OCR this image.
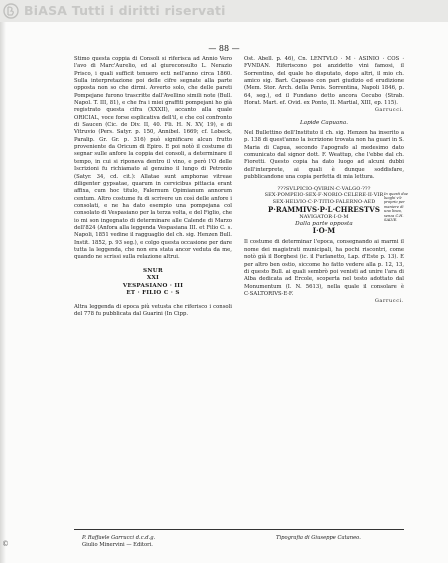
BiASA Tutti i diritti riservati
— 88 —

Stimo questa coppia di Consoli si riferisca ad Annio Vero l'avo di Marc'Aurelio, ed al giureconsulto L. Nerazio Prisco, i quali sufficit tenuero ecti nell'anno circa 1860. Sulla interpretazione poi delle cifre segnate alla parte opposta non so che dirmi. Avverto solo, che delle pareti Pompejane furono trascritte dall'Avellino simili note (Bull. Napol. T. III, 81), e che fra i miei graffiti pompejani ho già registrato questa cifra (XXXII), accanto alla quale ORICIAL, voce forse esplicativa dell'il, e che col confronto di Saucen (Cic. de Div. II, 40. Fli. H. N. XV, 19), e di Vitruvio (Pers. Satyr. p. 150, Annibel. 1669; cf. Lobeck, Paralip. Gr. Gr. p. 316) può significare alcun frutto proveniente da Oricum di Epiro. E poi notò il costume di segnar sulle anfore la coppia dei consoli, a determinare il tempo, in cui si riponeva dentro il vino, e però l'O delle Iscrizioni fu richiamato al genuino il lungo di Petronio (Satyr. 34, cd. cit.): Allatae sunt amphorae vitreae diligenter gypsatae, quarum in cervicibus pittacia erant affixa, cum hoc titulo, Falernum Opimianum annorum centum. Altro costume fu di scrivere un così delle anfore i consolati, e ne ha dato esempio una pompejana col consolato di Vespasiano per la terza volta, e del Figlio, che io mi son ingegnato di determinare alle Calende di Marzo dell'824 (Anfora alla leggenda Vespasiana III. et Filio C. s. Napoli, 1851 vedine il ragguaglio del ch. sig. Henzen Bull. Instit. 1852, p. 93 seg.), e colgo questa occasione per dare tutta la leggenda, che non era stata ancor veduta da me, quando ne scrissi sulla relazione altrui.

SNUR
XXI
VESPASIANO · III
ET · FILIO C · S

Altra leggenda di epoca più vetusta che riferisco i consoli del 778 fu pubblicata dal Guarini (In Cipp.

Ost. Abell. p. 46), Cn. LENTVLO · M · ASINIO · COS · FVNDAN. Riferiscono poi anzidetto vini famosi, il Sorrentino, del quale ho disputato, dopo altri, il mio ch. amico sig. Bart. Capasso con pari giudizio ed erudizione (Mem. Stor. Arch. della Penis. Sorrentina, Napoli 1846, p. 64, seg.), ed il Fundano detto ancora Cecubo (Strab. Horat. Mart. ef. Ovid. ex Ponto, II. Martial, XIII, ep. 115).

Garrucci.
Lapide Capuana.

Nel Bullettino dell'Instituto il ch. sig. Henzen ha inserito a p. 138 di quest'anno la iscrizione trovata non ha guari in S. Maria di Capua, secondo l'apografo al medesimo dato comunicato dal signor dott. F. Weattup, che l'ebbe dal ch. Fioretti. Questo copia ha dato luogo ad alcuni dubbi dell'interprete, ai quali è dunque soddisfare, pubblicandone una copia perfetta di mia lettura.

???SVLPICIO·QVIRIN·C·VALGO·???
SEX·POMPEIO·SEX·F·NORIO·CELERE·II·VIR
SEX·HELVIO·C·P·TITIO·FALERNO·AED
P·RAMMIVS·P·L·CHRESTVS
NAVIGATOR·I·O·M
Dalla parte opposta
I·O·M
In questi due luoghi v'è proprio per maniere di una linea, senza C.H. SALVE.

Il costume di determinar l'epoca, consegnando ai marmi il nome dei magistrati municipali, ha pochi riscontri, come notò già il Borghesi (ic. il Furlanetto, Lap. d'Este p. 13). E per altro ben ostio, siccome ho fatto vedere alla p. 12, 13, di questo Bull. ai quali sembrò poi venisti ad unire l'ara di Alba dedicata ad Ercole, scoperta nel testo adottato dal Monumentum (I. N. 5613), nella quale il consolare è C·SALTORIVS·E·F.

Garrucci.
P. Raffaele Garrucci d.c.d.g.
Giulio Minervini — Editori.
Tipografia di Giuseppe Cataneo.
©
